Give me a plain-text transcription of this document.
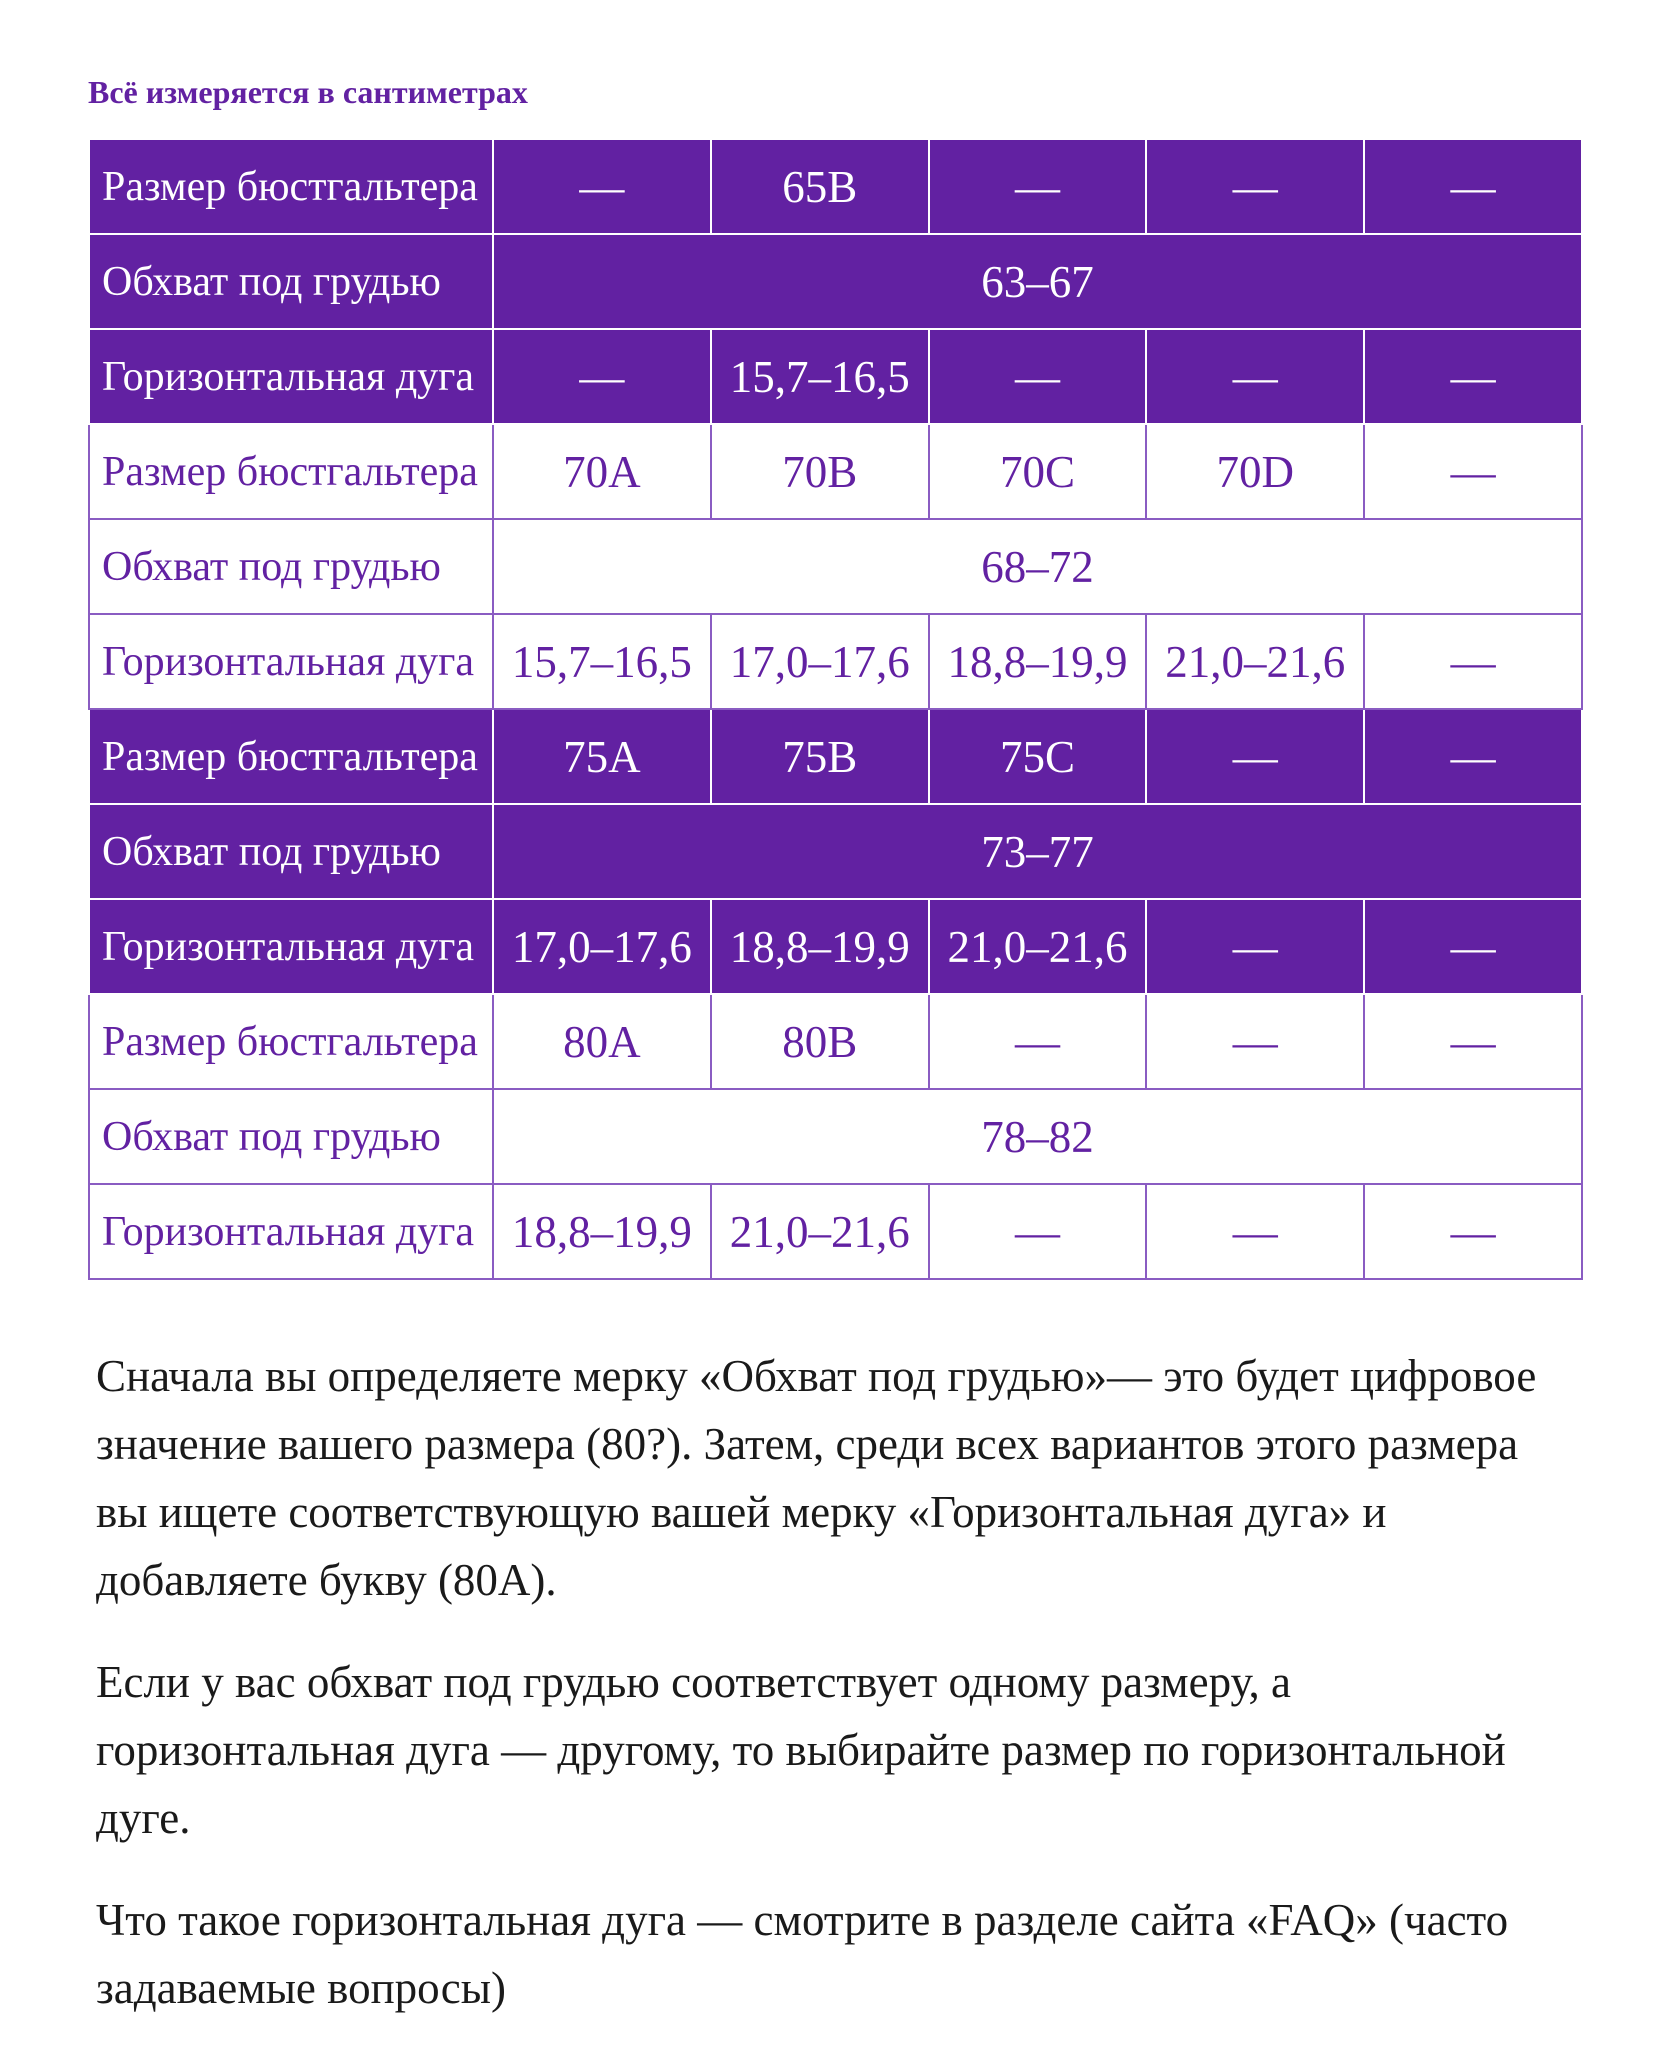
Всё измеряется в сантиметрах
Размер бюстгальтера	—	65B	—	—	—
Обхват под грудью	63–67				
Горизонтальная дуга	—	15,7–16,5	—	—	—
Размер бюстгальтера	70A	70B	70C	70D	—
Обхват под грудью	68–72				
Горизонтальная дуга	15,7–16,5	17,0–17,6	18,8–19,9	21,0–21,6	—
Размер бюстгальтера	75A	75B	75C	—	—
Обхват под грудью	73–77				
Горизонтальная дуга	17,0–17,6	18,8–19,9	21,0–21,6	—	—
Размер бюстгальтера	80A	80B	—	—	—
Обхват под грудью	78–82				
Горизонтальная дуга	18,8–19,9	21,0–21,6	—	—	—

Сначала вы определяете мерку «Обхват под грудью»— это будет цифровое значение вашего размера (80?). Затем, среди всех вариантов этого размера вы ищете соответствующую вашей мерку «Горизонтальная дуга» и добавляете букву (80A).

Если у вас обхват под грудью соответствует одному размеру, а горизонтальная дуга — другому, то выбирайте размер по горизонтальной дуге.

Что такое горизонтальная дуга — смотрите в разделе сайта «FAQ» (часто задаваемые вопросы)
